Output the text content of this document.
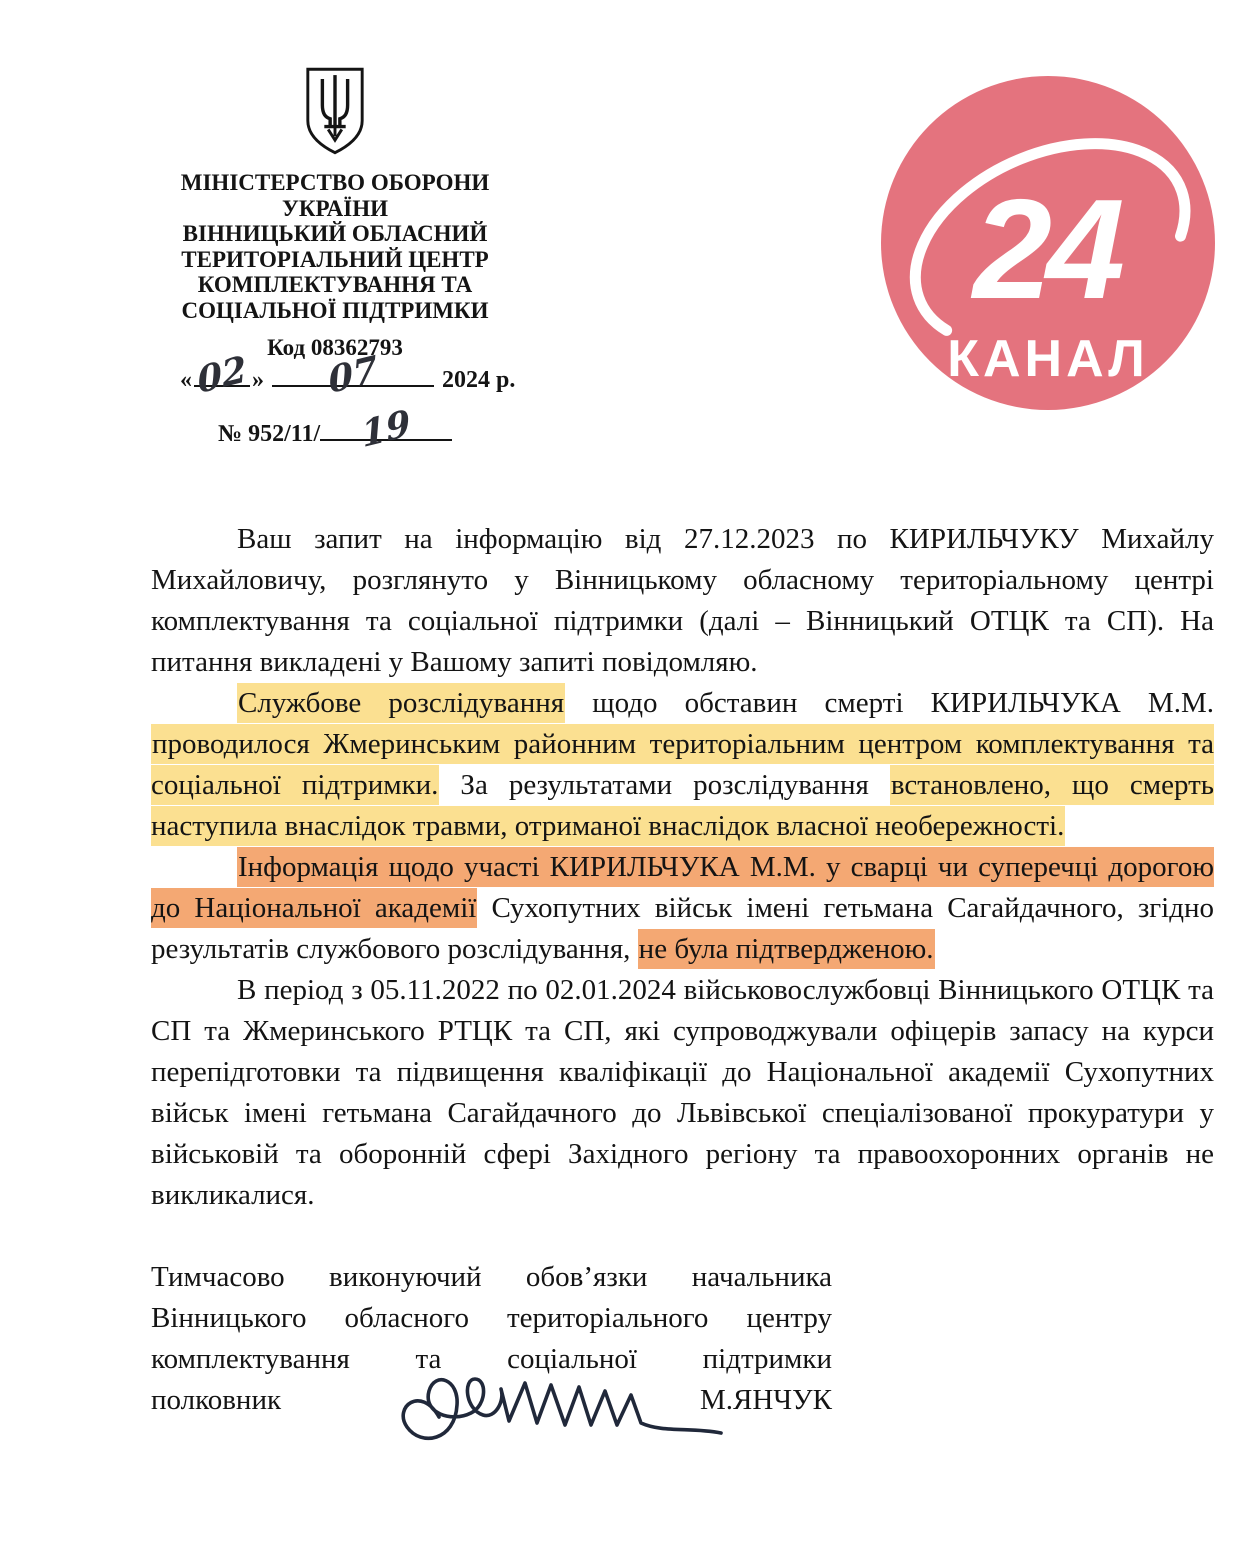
24
КАНАЛ
МІНІСТЕРСТВО ОБОРОНИ
УКРАЇНИ
ВІННИЦЬКИЙ ОБЛАСНИЙ
ТЕРИТОРІАЛЬНИЙ ЦЕНТР
КОМПЛЕКТУВАННЯ ТА
СОЦІАЛЬНОЇ ПІДТРИМКИ
Код 08362793
« 02 » 07	2024 р.
№ 952/11/ 19

Ваш запит на інформацію від 27.12.2023 по КИРИЛЬЧУКУ Михайлу Михайловичу, розглянуто у Вінницькому обласному територіальному центрі комплектування та соціальної підтримки (далі – Вінницький ОТЦК та СП). На питання викладені у Вашому запиті повідомляю.

Службове розслідування щодо обставин смерті КИРИЛЬЧУКА М.М. проводилося Жмеринським районним територіальним центром комплектування та соціальної підтримки. За результатами розслідування встановлено, що смерть наступила внаслідок травми, отриманої внаслідок власної необережності.

Інформація щодо участі КИРИЛЬЧУКА М.М. у сварці чи суперечці дорогою до Національної академії Сухопутних військ імені гетьмана Сагайдачного, згідно результатів службового розслідування, не була підтвердженою.

В період з 05.11.2022 по 02.01.2024 військовослужбовці Вінницького ОТЦК та СП та Жмеринського РТЦК та СП, які супроводжували офіцерів запасу на курси перепідготовки та підвищення кваліфікації до Національної академії Сухопутних військ імені гетьмана Сагайдачного до Львівської спеціалізованої прокуратури у військовій та оборонній сфері Західного регіону та правоохоронних органів не викликалися.

Тимчасово виконуючий обов’язки начальника
Вінницького обласного територіального центру
комплектування та соціальної підтримки
полковник	М.ЯНЧУК
